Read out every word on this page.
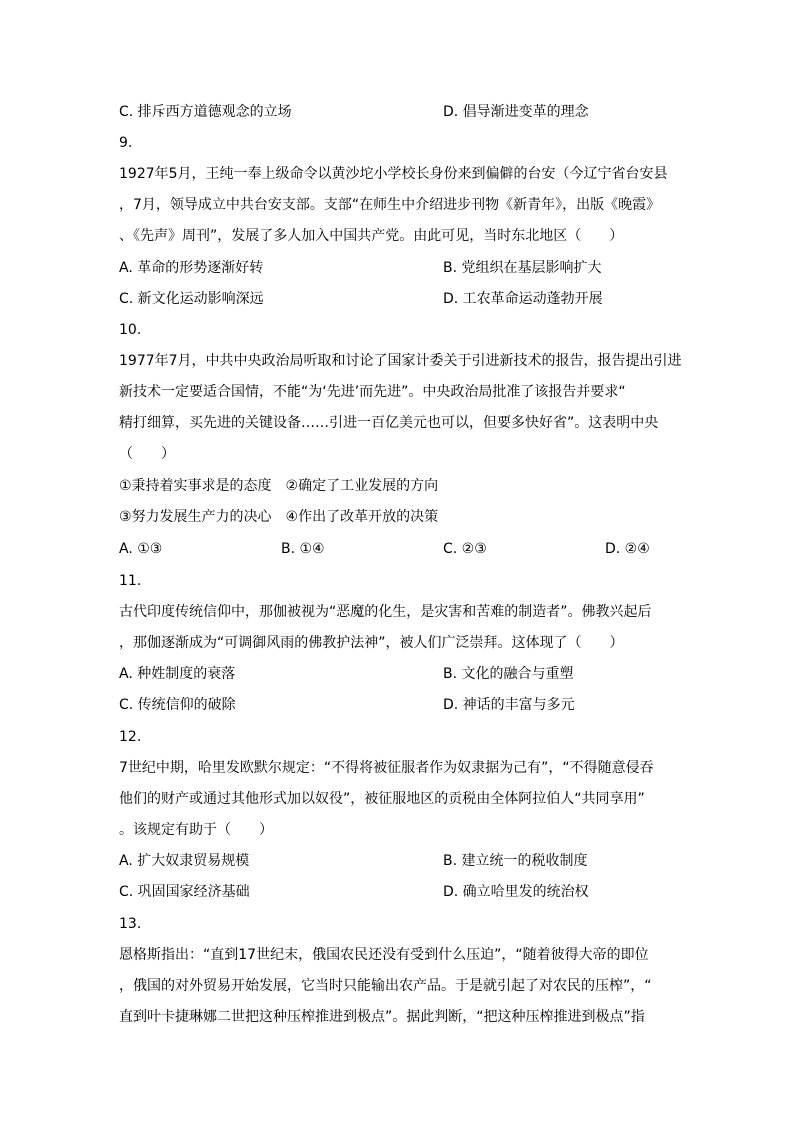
C. 排斥西方道德观念的立场	D. 倡导渐进变革的理念
9.
1927年5月，王纯一奉上级命令以黄沙坨小学校长身份来到偏僻的台安（今辽宁省台安县
，7月，领导成立中共台安支部。支部“在师生中介绍进步刊物《新青年》，出版《晚霞》
、《先声》周刊”，发展了多人加入中国共产党。由此可见，当时东北地区（　　）
A. 革命的形势逐渐好转	B. 党组织在基层影响扩大
C. 新文化运动影响深远	D. 工农革命运动蓬勃开展
10.
1977年7月，中共中央政治局听取和讨论了国家计委关于引进新技术的报告，报告提出引进
新技术一定要适合国情，不能“为‘先进’而先进”。中央政治局批准了该报告并要求“
精打细算，买先进的关键设备……引进一百亿美元也可以，但要多快好省”。这表明中央
（　　）
①秉持着实事求是的态度　②确定了工业发展的方向
③努力发展生产力的决心　④作出了改革开放的决策
A. ①③	B. ①④	C. ②③	D. ②④
11.
古代印度传统信仰中，那伽被视为“恶魔的化生，是灾害和苦难的制造者”。佛教兴起后
，那伽逐渐成为“可调御风雨的佛教护法神”，被人们广泛崇拜。这体现了（　　）
A. 种姓制度的衰落	B. 文化的融合与重塑
C. 传统信仰的破除	D. 神话的丰富与多元
12.
7世纪中期，哈里发欧默尔规定：“不得将被征服者作为奴隶据为己有”，“不得随意侵吞
他们的财产或通过其他形式加以奴役”，被征服地区的贡税由全体阿拉伯人“共同享用”
。该规定有助于（　　）
A. 扩大奴隶贸易规模	B. 建立统一的税收制度
C. 巩固国家经济基础	D. 确立哈里发的统治权
13.
恩格斯指出：“直到17世纪末，俄国农民还没有受到什么压迫”，“随着彼得大帝的即位
，俄国的对外贸易开始发展，它当时只能输出农产品。于是就引起了对农民的压榨”，“
直到叶卡捷琳娜二世把这种压榨推进到极点”。据此判断，“把这种压榨推进到极点”指
